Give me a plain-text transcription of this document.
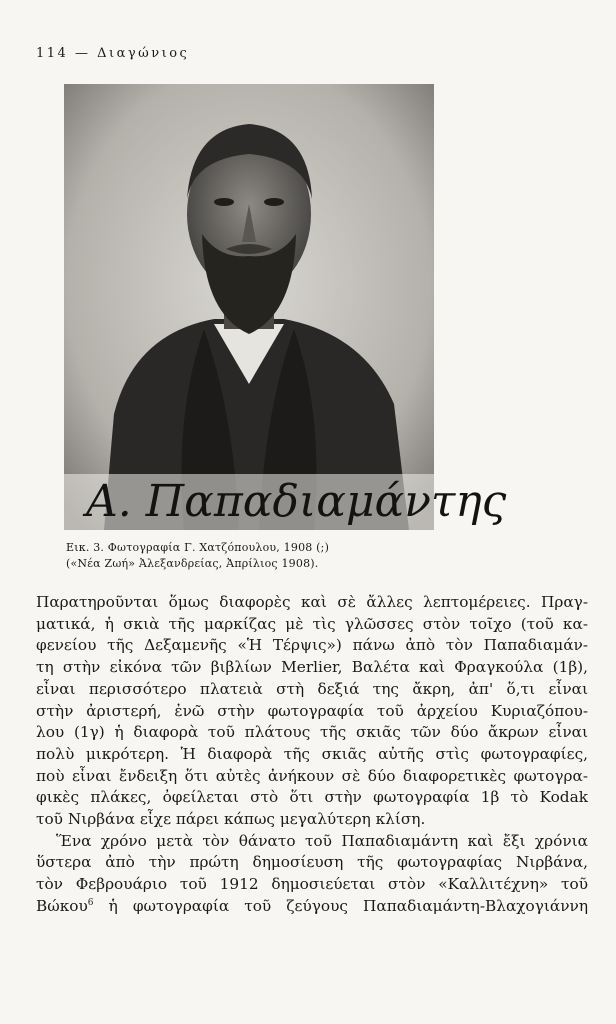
114 — Διαγώνιος
Α. Παπαδιαμάντης
Εικ. 3. Φωτογραφία Γ. Χατζόπουλου, 1908 (;)
(«Νέα Ζωή» Ἀλεξανδρείας, Ἀπρίλιος 1908).
Παρατηροῦνται ὅμως διαφορὲς καὶ σὲ ἄλλες λεπτομέρειες. Πραγ-
ματικά, ἡ σκιὰ τῆς μαρκίζας μὲ τὶς γλῶσσες στὸν τοῖχο (τοῦ κα-
φενείου τῆς Δεξαμενῆς «Ἡ Τέρψις») πάνω ἀπὸ τὸν Παπαδιαμάν-
τη στὴν εἰκόνα τῶν βιβλίων Merlier, Βαλέτα καὶ Φραγκούλα (1β),
εἶναι περισσότερο πλατειὰ στὴ δεξιά της ἄκρη, ἀπ' ὅ,τι εἶναι
στὴν ἀριστερή, ἐνῶ στὴν φωτογραφία τοῦ ἀρχείου Κυριαζόπου-
λου (1γ) ἡ διαφορὰ τοῦ πλάτους τῆς σκιᾶς τῶν δύο ἄκρων εἶναι
πολὺ μικρότερη. Ἡ διαφορὰ τῆς σκιᾶς αὐτῆς στὶς φωτογραφίες,
ποὺ εἶναι ἔνδειξη ὅτι αὐτὲς ἀνήκουν σὲ δύο διαφορετικὲς φωτογρα-
φικὲς πλάκες, ὀφείλεται στὸ ὅτι στὴν φωτογραφία 1β τὸ Kodak
τοῦ Νιρβάνα εἶχε πάρει κάπως μεγαλύτερη κλίση.
Ἕνα χρόνο μετὰ τὸν θάνατο τοῦ Παπαδιαμάντη καὶ ἔξι χρόνια
ὕστερα ἀπὸ τὴν πρώτη δημοσίευση τῆς φωτογραφίας Νιρβάνα,
τὸν Φεβρουάριο τοῦ 1912 δημοσιεύεται στὸν «Καλλιτέχνη» τοῦ
Βώκου$^6$ ἡ φωτογραφία τοῦ ζεύγους Παπαδιαμάντη-Βλαχογιάννη
